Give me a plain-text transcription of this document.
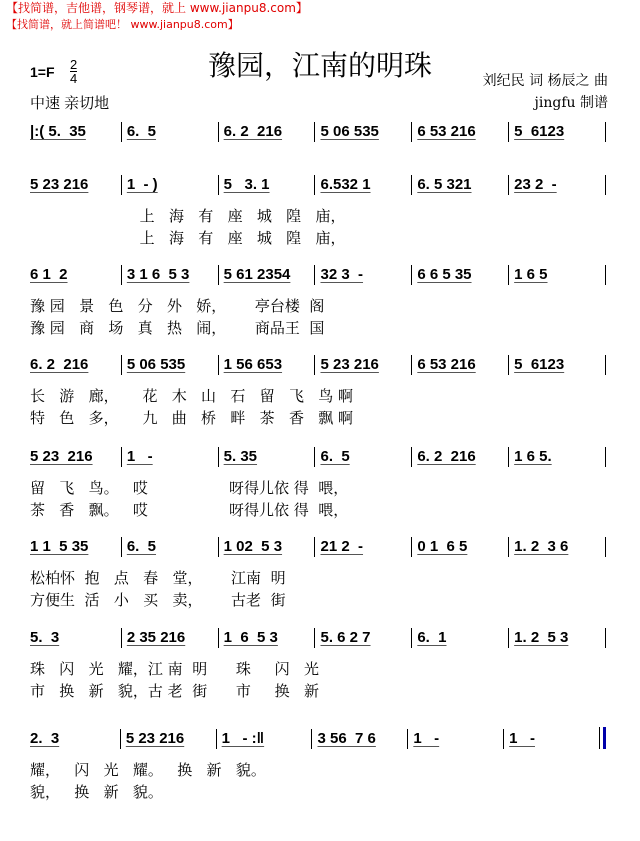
【找简谱，吉他谱，钢琴谱，就上 www.jianpu8.com】
【找简谱，就上简谱吧！ www.jianpu8.com】
豫园，江南的明珠
1=F 2
4
中速 亲切地
刘纪民 词 杨辰之 曲
jingfu 制谱
|:( 5.  35	6.  5	6. 2  216	5 06 535	6 53 216	5  6123
5 23 216	1  - )	5   3. 1	6.532 1	6. 5 321	23 2  -
上   海   有   座   城   隍   庙，
上   海   有   座   城   隍   庙，
6 1  2	3 1 6  5 3	5 61 2354	32 3  -	6 6 5 35	1 6 5
豫 园   景   色   分   外   娇，      亭台楼  阁
豫 园   商   场   真   热   闹，      商品王  国
6. 2  216	5 06 535	1 56 653	5 23 216	6 53 216	5  6123
长   游   廊，     花   木   山   石   留   飞   鸟 啊
特   色   多，     九   曲   桥   畔   茶   香   飘 啊
5 23  216	1   -	5. 35	6.  5	6. 2  216	1 6 5.
留   飞   鸟。   哎                 呀得儿依 得  喂，
茶   香   飘。   哎                 呀得儿依 得  喂，
1 1  5 35	6.  5	1 02  5 3	21 2  -	0 1  6 5	1. 2  3 6
松柏怀  抱   点   春   堂，      江南  明
方便生  活   小   买   卖，      古老  街
5.  3	2 35 216	1  6  5 3	5. 6 2 7	6.  1	1. 2  5 3
珠   闪   光   耀，江 南  明      珠     闪   光
市   换   新   貌，古 老  街      市     换   新
2.  3	5 23 216	1   - :‖	3 56  7 6	1   -	1   -
耀，   闪   光   耀。   换   新   貌。
貌，   换   新   貌。
